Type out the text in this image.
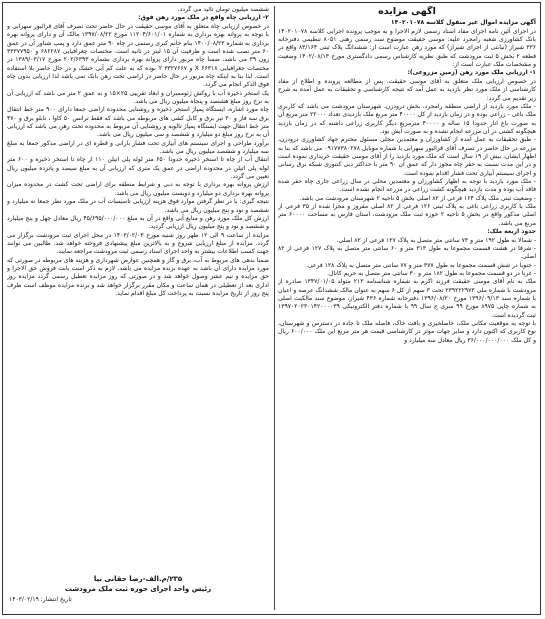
آگهی مزایده
آگهی مزایده اموال غیر منقول کلاسه ۱۴۰۲۰۱۰۷۸
در اجرای آئین نامه اجرای مفاد اسناد رسمی لازم الاجرا و به موجب پرونده اجرایی کلاسه ۱۴۰۲۰۱۰۷۸ بانک کشاورزی شعبه رامجرد علیه: موسی حقیقت موضوع سند رسمی رهنی ۸۰۵۱ تنظیمی دفترخانه ۳۳۶ شیراز (نیابتی از اجرای شیراز) که مورد رهن عبارت است از: ششدانگ پلاک ثبتی ۸۳/۱۶۴ واقع در قطعه ۲ بخش ۵ ثبت مرودشت که طبق نظریه کارشناس رسمی دادگستری مورخ ۱۴۰۲/۰۸/۱۳ وضعیت و مشخصات ملک عبارت است از:
۱- ارزیابی ملک مورد رهن (زمین مزروعی):
در خصوص ارزیابی ملک متعلق به آقای موسی حقیقت، پس از مطالعه پرونده و اطلاع از مفاد کارشناسی از ملک مورد نظر بازدید به عمل آمد که نتیجه کارشناسی و تحقیقات به عمل آمده به شرح زیر تقدیم می گردد:
- ملک مورد بازدید از اراضی منطقه رامجرد، بخش درودزن، شهرستان مرودشت می باشد که کاربری ملک باغی - زراعی بوده و در زمان بازدید از کل ۴۰۰۰۰ متر مربع ملک بازدیدی تعداد ۲۲۰۰۰ متر مربع آن به صورت باغ انار حدودا ۱۵ ساله و ۴۰۰۰۰ مترمربع دیگر کاربری زراعی داشته که در زمان بازدید هیچگونه کشتی در آن مزرعه انجام نشده و به صورت آیش بود.
- طبق تحقیقات به عمل آمده از کشاورزان و معتمدین محلی مسئول محترم جهاد کشاورزی درودزن، مزرعه در حال حاضر در تصرف آقای قرائیور سهرابی با شماره موبایل ۰۹۱۷۷۳۸۰۲۷۸ می باشد که بنا به اظهار ایشان، بیش از ۱۹ سال است که ملک مورد بازدید را از آقای موسی حقیقت خریداری نموده است و در این مدت نسبت به حفر چاه مجوز دار که عمق آن ۹۰ متر با حداکثر دبی کنتوری شبکه برق رسانی و اجرای سیستم آبیاری تحت فشار اقدام نموده است.
- ملک مورد بازدید با توجه به اظهار کشاورزان و معتمدین محلی در سال زراعی جاری چاه حفر شده فاقد آب بوده و مدت بازدید هیچگونه کشت زراعی در مزرعه انجام نشده است.
- وضعیت ثبتی ملک پلاک ۱۶۴ فرعی از ۸۲ اصلی بخش ۵ ناحیه ۲ شهرستان مرودشت می باشد.
ملک با کاربری زراعی باغی به پلاک ثبتی ۱۲۶ فرعی از ۸۲ اصلی مفروز و مجزا شده از ۳۵ فرعی از اصلی مذکور واقع در بخش ۵ ناحیه ۲ حوزه ثبت ملک مرودشت، استان فارس به مساحت ۶۰۰۰۰ متر مربع می باشد.
حدود اربعه ملک:
- شمالا به طول ۱۹۲ متر و ۷۳ سانتی متر متصل به پلاک ۱۲۷ فرعی از ۸۲ اصلی.
- شرقا در هشت قسمت مجموعا به طول ۳۱۳ متر و ۶۰ سانتی متر متصل به پلاک ۱۲۷ فرعی از ۸۲ اصلی.
- جنوبا در شش قسمت مجموعا به طول ۳۷۷ متر و ۷۷ سانتی متر متصل به پلاک ۱۲۸ فرعی.
- غربا در دو قسمت مجموعا به طول ۱۸۲ متر و ۳۰ سانتی متر متصل به حریم کانال.
ملک به نام آقای موسی حقیقت فرزند اکرم به شماره شناسنامه ۲۱۳ متولد ۱۳۴۷/۰۱/۰۵ صادره از مرودشت با شماره ملی ۲۳۹۲۲۲۹۷۳ تحت ۳ سهم از کل ۶ سهم به عنوان مالک ششدانگ عرصه و اعیان با شماره سند ۱۳۹۶/۰۹/۱۳ مورخ ۱۳۹۶/۰۸/۲۰ دفترخانه شماره ۴۳۶ شیراز، موضوع سند مالکیت اصلی به شماره چاپی ۸۹۷۵ مورخ ۹۹ سری ج سال ۹۹ با شماره دفتر الکترونیکی ۱۳۹۷۰۲۰۲۳۰۱۴۲۰۰۰۰۳۹ ثبت گردیده است.
با توجه به موقعیت مکانی ملک، حاصلخیزی و بافت خاک، فاصله ملک تا جاده در دسترس و شهرستان، نوع کاربری که اکنون دارد و سایر جهات موثر در کارشناسی قیمت هر متر مربع این ملک ۶۰۰/۰۰۰ ریال و کل ملک ۳۶/۰۰۰/۰۰۰/۰۰۰ ریال معادل سه میلیارد و
ششصد میلیون تومان تائید می گردد.
۲- ارزیابی چاه واقع در ملک مورد رهن فوق:
در خصوص ارزیابی چاه متعلق به آقای موسی حقیقت در حال حاضر تحت تصرف آقای قرائیور سهرابی و با توجه به پروانه بهره برداری به شماره ۱۱۲۰۴/۶۰۱/۰۱ مورخ ۱۳۹۷/۰۸/۲۲ مالک آن و دارای پروانه بهره برداری به شماره ۱۴۰۰/۰۸/۲۳ بنام خانم کبری رستمی در چاه ۹۰ متر عمق دارد و پمپ شناور آن در عمق ۶۰ متر نصب شده است و ظرفیت آن ۱۵ لیتر در ثانیه است. مختصات جغرافیایی ۶۸۶۲۸۷ و ۳۳۳۷۷۹۵۰ زون ۳۹ می باشد. ضمنا چاه مزبور دارای پروانه بهره برداری بشماره ۲۰۲/۶۳۹۳ مورخ ۱۳۸۹/۰۳/۱۷ در مختصات جغرافیایی ۶۶۳۱۸ X و ۳۳۲۷۶۶۷ Y بوده که به علت کم آبی خشک و در حال حاضر بلا استفاده است. لذا بنا به اینکه چاه مزبور در حال حاضر در اراضی تحت رهن بانک نمی باشد لذا ارزیابی بدون چاه فوق الذکر انجام می گردد.
یک استخر ذخیره آب با روکش ژئوممبران و ابعاد تقریبی ۲۵×۱۵ و به عمق ۲ متر می باشد که ارزیابی آن به نرخ روز مبلغ هشتصد و پنجاه میلیون ریال می باشد.
چاه مورد اشاره، ایستگاه پمپاژ استخر ذخیره و روشنایی محدوده اراضی جمعا دارای ۹۰۰ متر خط انتقال برق سه فاز و ۳۰ تیر برق و کابل کشی های مربوطه می باشد که فقط ترانس ۵۰ کاوا ، تابلو برق و ۴۷۰ متر خط انتقال جهت ایستگاه پمپاژ تالوبه و روشنایی آن مربوط به محدوده تحت رهن می باشد که ارزیابی آن به نرخ روز مبلغ دو میلیارد و ششصد و سی میلیون ریال می باشد.
برآورد طراحی و اجرای سیستم های آبیاری تحت فشار بارانی و قطره ای در اراضی مذکور جمعا به مبلغ سه میلیارد و ششصد میلیون ریال می باشد.
انتقال آب از چاه تا استخر ذخیره حدودا ۶۵۰ متر لوله پلی اتیلن ۱۱۰ از چاه تا استخر ذخیره و ۶۰۰ متر لوله پلی اتیلن در محدوده اراضی در عمق یک متری که ارزیابی آن به مبلغ سیصد و پانزده میلیون ریال تعیین می گردد.
ارزش پروانه بهره برداری با توجه به دبی و شرایط منطقه برای اراضی تحت کشت در محدوده میزان پروانه بهره برداری دو میلیارد و دویست میلیون ریال می باشد.
نتیجه گیری: با در نظر گرفتن موارد فوق هزینه ارزیابی تاسیسات آب در ملک مورد نظر جمعا نه میلیارد و ششصد و نود و پنج میلیون ریال می باشد.
ارزش کل ملک مورد رهن و منابع آبی واقع در آن به مبلغ ۴۵/۶۹۵/۰۰۰/۰۰۰ ریال معادل چهل و پنج میلیارد و ششصد و نود و پنج میلیون ریال ارزیابی گردید.
مزایده از ساعت ۹ الی ۱۲ ظهر روز شنبه مورخ ۱۴۰۳/۰۲/۰۳ در محل اجرای ثبت مرودشت برگزار می گردد. مزایده از مبلغ ارزیابی شروع و به بالاترین مبلغ پیشنهادی فروخته خواهد شد. طالبین می توانند جهت کسب اطلاعات بیشتر به واحد اجرای اسناد رسمی ثبت مرودشت مراجعه نمایند.
ضمنا بدهی های مربوط به آب، برق و گاز و همچنین عوارض شهرداری و هزینه های مربوطه در صورتی که مورد مزایده دارای آن باشد به عهده برنده مزایده می باشد. لازم به ذکر است بابت فروش حق الاجرا و حق مزایده و نیم عشر وصول خواهد شد و در صورتی که روز مزایده تعطیل رسمی گردد مزایده روز اداری بعد از تعطیلی در همان ساعت و مکان مقرر برگزار خواهد شد و برنده مزایده موظف است ظرف پنج روز از تاریخ مزایده نسبت به پرداخت کل مبلغ اقدام نماید.
۲۳۵/م.الف-رضا حقانی نیا
رئیس واحد اجرای حوزه ثبت ملک مرودشت
تاریخ انتشار: ۱۴۰۳/۰۲/۱۹
